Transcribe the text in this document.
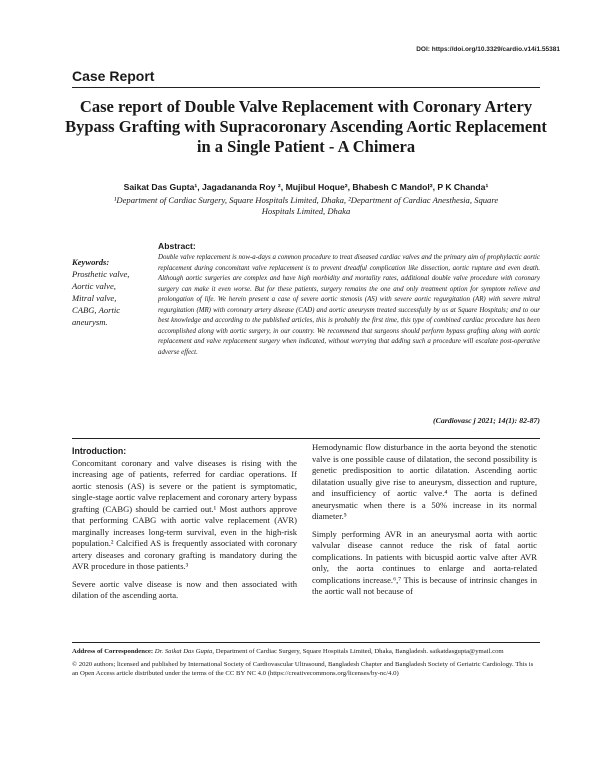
DOI: https://doi.org/10.3329/cardio.v14i1.55381
Case Report
Case report of Double Valve Replacement with Coronary Artery Bypass Grafting with Supracoronary Ascending Aortic Replacement in a Single Patient - A Chimera
Saikat Das Gupta¹, Jagadananda Roy ², Mujibul Hoque², Bhabesh C Mandol², P K Chanda¹
¹Department of Cardiac Surgery, Square Hospitals Limited, Dhaka, ²Department of Cardiac Anesthesia, Square Hospitals Limited, Dhaka
Keywords:
Prosthetic valve,
Aortic valve,
Mitral valve,
CABG, Aortic aneurysm.
Abstract:

Double valve replacement is now-a-days a common procedure to treat diseased cardiac valves and the primary aim of prophylactic aortic replacement during concomitant valve replacement is to prevent dreadful complication like dissection, aortic rupture and even death. Although aortic surgeries are complex and have high morbidity and mortality rates, additional double valve procedure with coronary surgery can make it even worse. But for these patients, surgery remains the one and only treatment option for symptom relieve and prolongation of life. We herein present a case of severe aortic stenosis (AS) with severe aortic regurgitation (AR) with severe mitral regurgitation (MR) with coronary artery disease (CAD) and aortic aneurysm treated successfully by us at Square Hospitals; and to our best knowledge and according to the published articles, this is probably the first time, this type of combined cardiac procedure has been accomplished along with aortic surgery, in our country. We recommend that surgeons should perform bypass grafting along with aortic replacement and valve replacement surgery when indicated, without worrying that adding such a procedure will escalate post-operative adverse effect.

(Cardiovasc j 2021; 14(1): 82-87)
Introduction:

Concomitant coronary and valve diseases is rising with the increasing age of patients, referred for cardiac operations. If aortic stenosis (AS) is severe or the patient is symptomatic, single-stage aortic valve replacement and coronary artery bypass grafting (CABG) should be carried out.¹ Most authors approve that performing CABG with aortic valve replacement (AVR) marginally increases long-term survival, even in the high-risk population.² Calcified AS is frequently associated with coronary artery diseases and coronary grafting is mandatory during the AVR procedure in those patients.³

Severe aortic valve disease is now and then associated with dilation of the ascending aorta.

Hemodynamic flow disturbance in the aorta beyond the stenotic valve is one possible cause of dilatation, the second possibility is genetic predisposition to aortic dilatation. Ascending aortic dilatation usually give rise to aneurysm, dissection and rupture, and insufficiency of aortic valve.⁴ The aorta is defined aneurysmatic when there is a 50% increase in its normal diameter.⁵

Simply performing AVR in an aneurysmal aorta with aortic valvular disease cannot reduce the risk of fatal aortic complications. In patients with bicuspid aortic valve after AVR only, the aorta continues to enlarge and aorta-related complications increase.⁶,⁷ This is because of intrinsic changes in the aortic wall not because of

Address of Correspondence: Dr. Saikat Das Gupta, Department of Cardiac Surgery, Square Hospitals Limited, Dhaka, Bangladesh. saikatdasgupta@ymail.com

© 2020 authors; licensed and published by International Society of Cardiovascular Ultrasound, Bangladesh Chapter and Bangladesh Society of Geriatric Cardiology. This is an Open Access article distributed under the terms of the CC BY NC 4.0 (https://creativecommons.org/licenses/by-nc/4.0)
